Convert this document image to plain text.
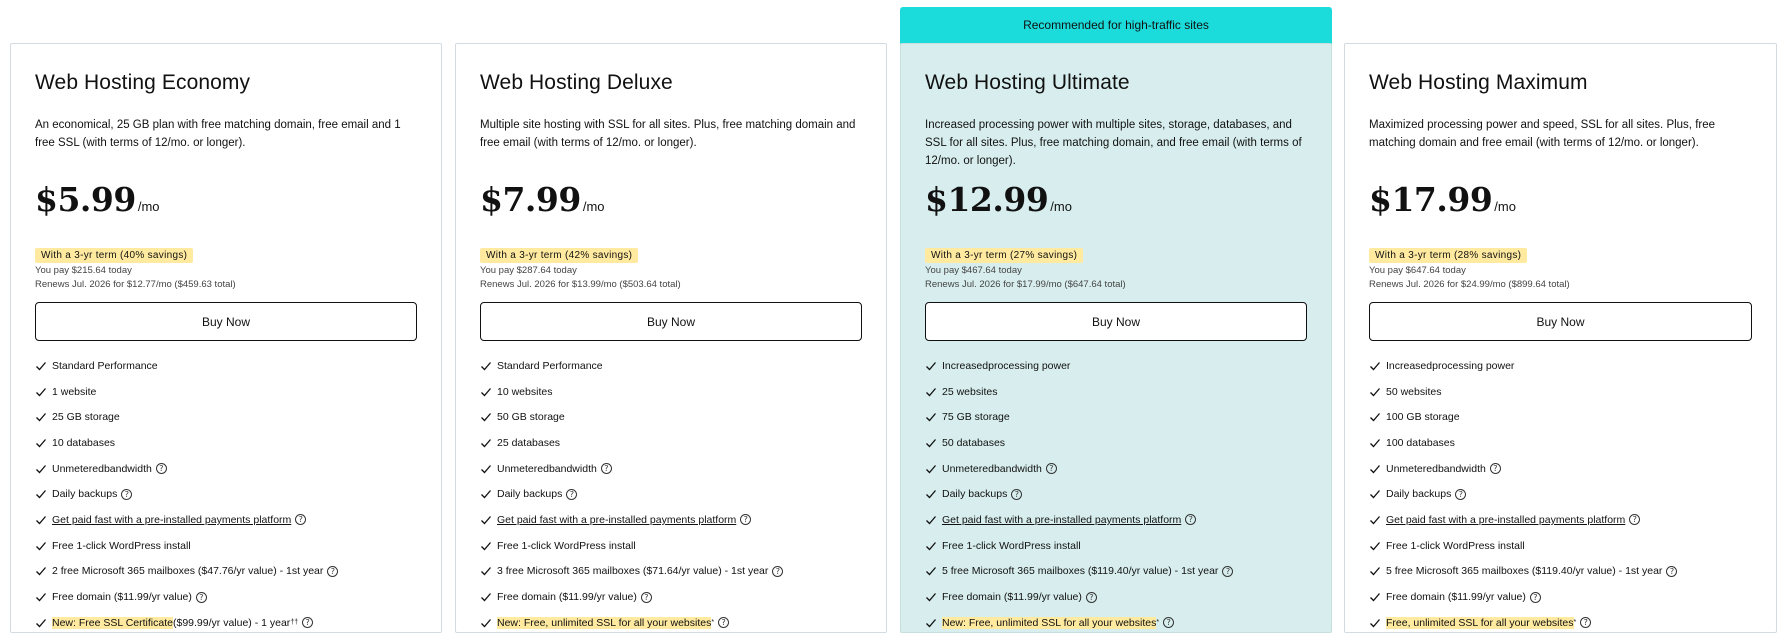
Recommended for high-traffic sites
Web Hosting Economy
An economical, 25 GB plan with free matching domain, free email and 1 free SSL (with terms of 12/mo. or longer).
$5.99 /mo
With a 3-yr term (40% savings)
You pay $215.64 today
Renews Jul. 2026 for $12.77/mo ($459.63 total)
Buy Now
Standard Performance
1 website
25 GB storage
10 databases
Unmetered bandwidth ?
Daily backups ?
Get paid fast with a pre-installed payments platform ?
Free 1-click WordPress install
2 free Microsoft 365 mailboxes ($47.76/yr value) - 1st year ?
Free domain ($11.99/yr value) ?
New: Free SSL Certificate ($99.99/yr value) - 1 year †† ?
Web Hosting Deluxe
Multiple site hosting with SSL for all sites. Plus, free matching domain and free email (with terms of 12/mo. or longer).
$7.99 /mo
With a 3-yr term (42% savings)
You pay $287.64 today
Renews Jul. 2026 for $13.99/mo ($503.64 total)
Buy Now
Standard Performance
10 websites
50 GB storage
25 databases
Unmetered bandwidth ?
Daily backups ?
Get paid fast with a pre-installed payments platform ?
Free 1-click WordPress install
3 free Microsoft 365 mailboxes ($71.64/yr value) - 1st year ?
Free domain ($11.99/yr value) ?
New: Free, unlimited SSL for all your websites * ?
Web Hosting Ultimate
Increased processing power with multiple sites, storage, databases, and SSL for all sites. Plus, free matching domain, and free email (with terms of 12/mo. or longer).
$12.99 /mo
With a 3-yr term (27% savings)
You pay $467.64 today
Renews Jul. 2026 for $17.99/mo ($647.64 total)
Buy Now
Increased processing power
25 websites
75 GB storage
50 databases
Unmetered bandwidth ?
Daily backups ?
Get paid fast with a pre-installed payments platform ?
Free 1-click WordPress install
5 free Microsoft 365 mailboxes ($119.40/yr value) - 1st year ?
Free domain ($11.99/yr value) ?
New: Free, unlimited SSL for all your websites * ?
Web Hosting Maximum
Maximized processing power and speed, SSL for all sites. Plus, free matching domain and free email (with terms of 12/mo. or longer).
$17.99 /mo
With a 3-yr term (28% savings)
You pay $647.64 today
Renews Jul. 2026 for $24.99/mo ($899.64 total)
Buy Now
Increased processing power
50 websites
100 GB storage
100 databases
Unmetered bandwidth ?
Daily backups ?
Get paid fast with a pre-installed payments platform ?
Free 1-click WordPress install
5 free Microsoft 365 mailboxes ($119.40/yr value) - 1st year ?
Free domain ($11.99/yr value) ?
Free, unlimited SSL for all your websites * ?
